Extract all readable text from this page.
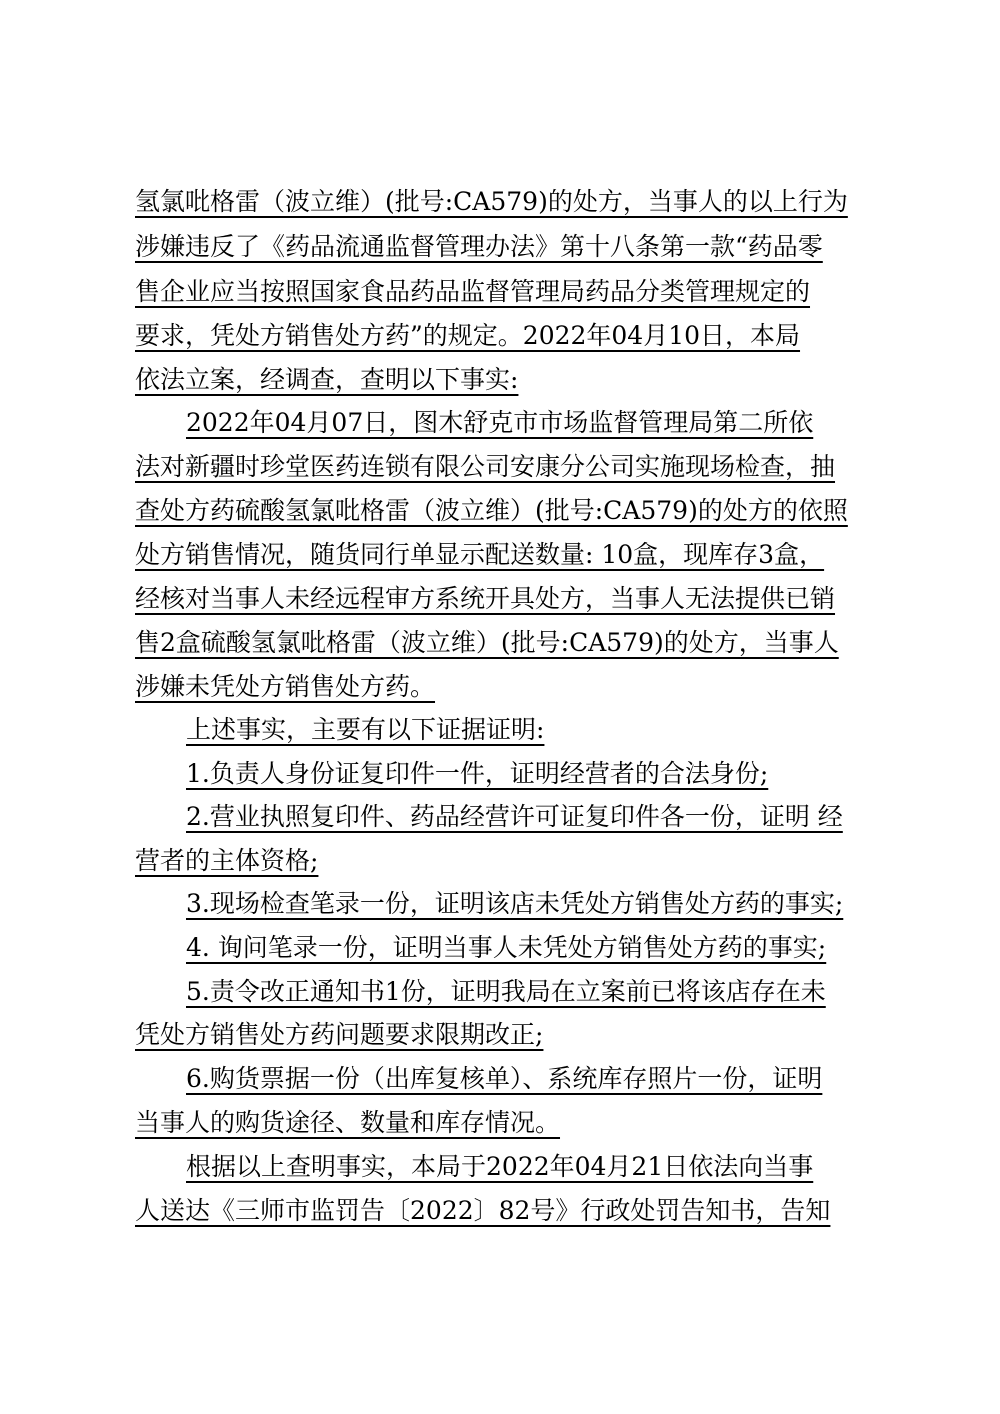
氢氯吡格雷（波立维）(批号:CA579)的处方，当事人的以上行为
涉嫌违反了《药品流通监督管理办法》第十八条第一款“药品零
售企业应当按照国家食品药品监督管理局药品分类管理规定的
要求，凭处方销售处方药”的规定。2022年04月10日，本局
依法立案，经调查，查明以下事实:
2022年04月07日，图木舒克市市场监督管理局第二所依
法对新疆时珍堂医药连锁有限公司安康分公司实施现场检查，抽
查处方药硫酸氢氯吡格雷（波立维）(批号:CA579)的处方的依照
处方销售情况，随货同行单显示配送数量: 10盒，现库存3盒，
经核对当事人未经远程审方系统开具处方，当事人无法提供已销
售2盒硫酸氢氯吡格雷（波立维）(批号:CA579)的处方，当事人
涉嫌未凭处方销售处方药。
上述事实，主要有以下证据证明:
1.负责人身份证复印件一件，证明经营者的合法身份;
2.营业执照复印件、药品经营许可证复印件各一份，证明 经
营者的主体资格;
3.现场检查笔录一份，证明该店未凭处方销售处方药的事实;
4. 询问笔录一份，证明当事人未凭处方销售处方药的事实;
5.责令改正通知书1份，证明我局在立案前已将该店存在未
凭处方销售处方药问题要求限期改正;
6.购货票据一份（出库复核单）、系统库存照片一份，证明
当事人的购货途径、数量和库存情况。
根据以上查明事实，本局于2022年04月21日依法向当事
人送达《三师市监罚告〔2022〕82号》行政处罚告知书，告知
